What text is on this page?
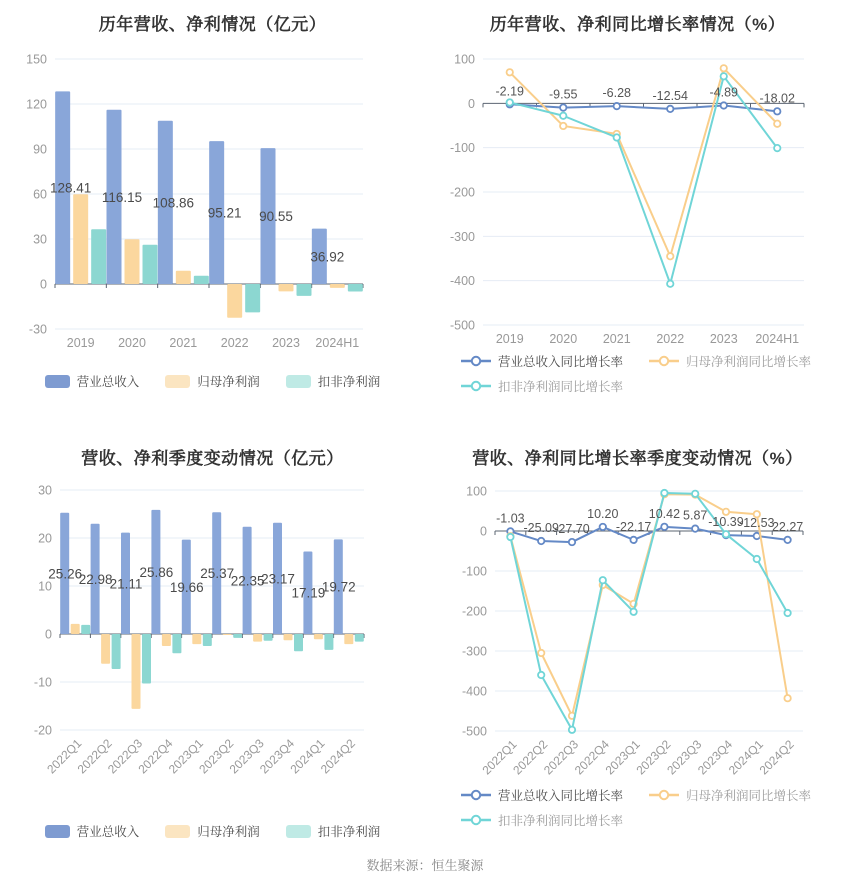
150
120
90
60
30
0
-30
2019 2020 2021 2022 2023 2024H1
128.41
116.15 108.86
95.21 90.55
36.92
历年营收、净利情况（亿元）
营业总收入	归母净利润	扣非净利润
100
0
-100
-200
-300
-400
-500
2019 2020 2021 2022 2023 2024H1
-2.19 -9.55 -6.28 -12.54 -4.89 -18.02
历年营收、净利同比增长率情况（%）
营业总收入同比增长率	归母净利润同比增长率
扣非净利润同比增长率
30
20
10
0
-10
-20
2022Q1
2022Q2
2022Q3
2022Q4
2023Q1
2023Q2
2023Q3
2023Q4
2024Q1
2024Q2
25.26
22.98
21.11
25.86
19.66
25.37
22.35
23.17
17.19
19.72
营收、净利季度变动情况（亿元）
营业总收入	归母净利润	扣非净利润
100
0
-100
-200
-300
-400
-500
2022Q1
2022Q2
2022Q3
2022Q4
2023Q1
2023Q2
2023Q3
2023Q4
2024Q1
2024Q2
-1.03
-25.09
-27.70
10.20
-22.17
10.42 5.87 -10.39
-12.53
22.27
营收、净利同比增长率季度变动情况（%）
营业总收入同比增长率	归母净利润同比增长率
扣非净利润同比增长率
数据来源：恒生聚源
